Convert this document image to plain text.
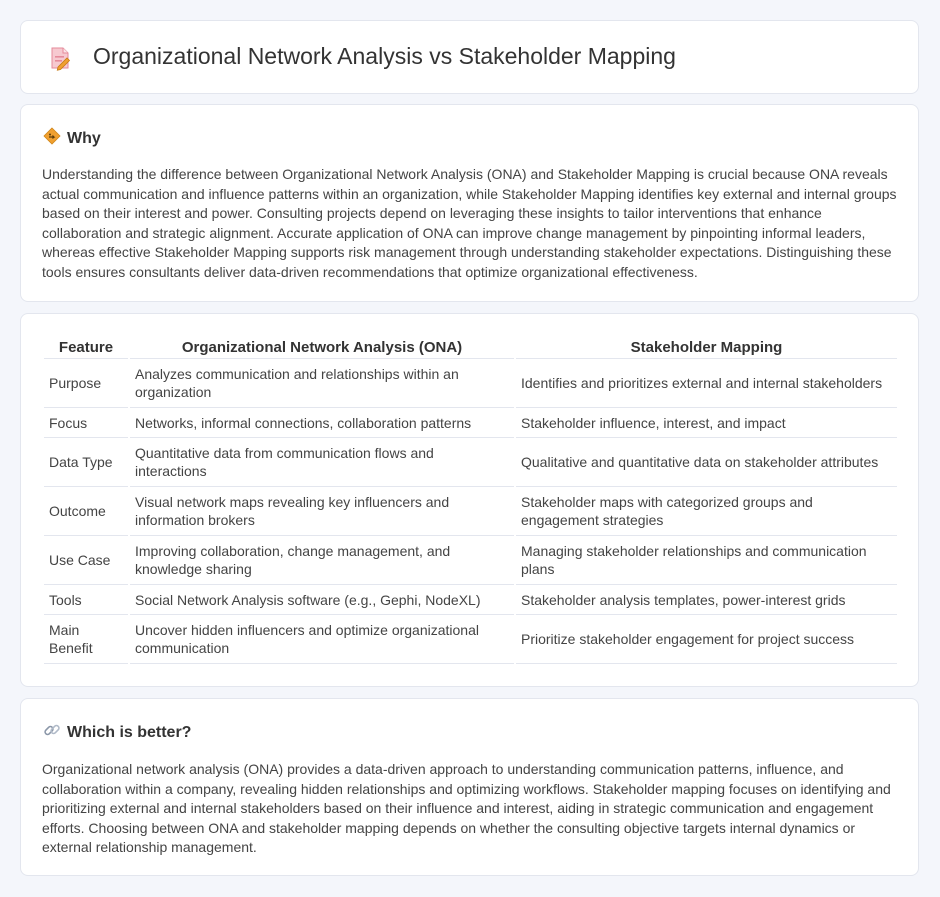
Organizational Network Analysis vs Stakeholder Mapping
Why

Understanding the difference between Organizational Network Analysis (ONA) and Stakeholder Mapping is crucial because ONA reveals actual communication and influence patterns within an organization, while Stakeholder Mapping identifies key external and internal groups based on their interest and power. Consulting projects depend on leveraging these insights to tailor interventions that enhance collaboration and strategic alignment. Accurate application of ONA can improve change management by pinpointing informal leaders, whereas effective Stakeholder Mapping supports risk management through understanding stakeholder expectations. Distinguishing these tools ensures consultants deliver data-driven recommendations that optimize organizational effectiveness.

Feature	Organizational Network Analysis (ONA)	Stakeholder Mapping
Purpose	Analyzes communication and relationships within an organization	Identifies and prioritizes external and internal stakeholders
Focus	Networks, informal connections, collaboration patterns	Stakeholder influence, interest, and impact
Data Type	Quantitative data from communication flows and interactions	Qualitative and quantitative data on stakeholder attributes
Outcome	Visual network maps revealing key influencers and information brokers	Stakeholder maps with categorized groups and engagement strategies
Use Case	Improving collaboration, change management, and knowledge sharing	Managing stakeholder relationships and communication plans
Tools	Social Network Analysis software (e.g., Gephi, NodeXL)	Stakeholder analysis templates, power-interest grids
Main Benefit	Uncover hidden influencers and optimize organizational communication	Prioritize stakeholder engagement for project success
Which is better?

Organizational network analysis (ONA) provides a data-driven approach to understanding communication patterns, influence, and collaboration within a company, revealing hidden relationships and optimizing workflows. Stakeholder mapping focuses on identifying and prioritizing external and internal stakeholders based on their influence and interest, aiding in strategic communication and engagement efforts. Choosing between ONA and stakeholder mapping depends on whether the consulting objective targets internal dynamics or external relationship management.
